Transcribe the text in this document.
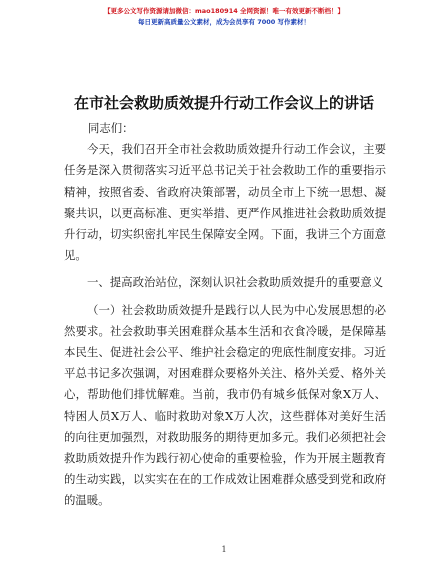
【更多公文写作资源请加微信：mao180914 全网资源！唯一有效更新不断档！】
每日更新高质量公文素材，成为会员享有 7000 写作素材！
在市社会救助质效提升行动工作会议上的讲话

同志们：

今天，我们召开全市社会救助质效提升行动工作会议，主要任务是深入贯彻落实习近平总书记关于社会救助工作的重要指示精神，按照省委、省政府决策部署，动员全市上下统一思想、凝聚共识，以更高标准、更实举措、更严作风推进社会救助质效提升行动，切实织密扎牢民生保障安全网。下面，我讲三个方面意见。

一、提高政治站位，深刻认识社会救助质效提升的重要意义

（一）社会救助质效提升是践行以人民为中心发展思想的必然要求。社会救助事关困难群众基本生活和衣食冷暖，是保障基本民生、促进社会公平、维护社会稳定的兜底性制度安排。习近平总书记多次强调，对困难群众要格外关注、格外关爱、格外关心，帮助他们排忧解难。当前，我市仍有城乡低保对象X万人、特困人员X万人、临时救助对象X万人次，这些群体对美好生活的向往更加强烈，对救助服务的期待更加多元。我们必须把社会救助质效提升作为践行初心使命的重要检验，作为开展主题教育的生动实践，以实实在在的工作成效让困难群众感受到党和政府的温暖。

1
